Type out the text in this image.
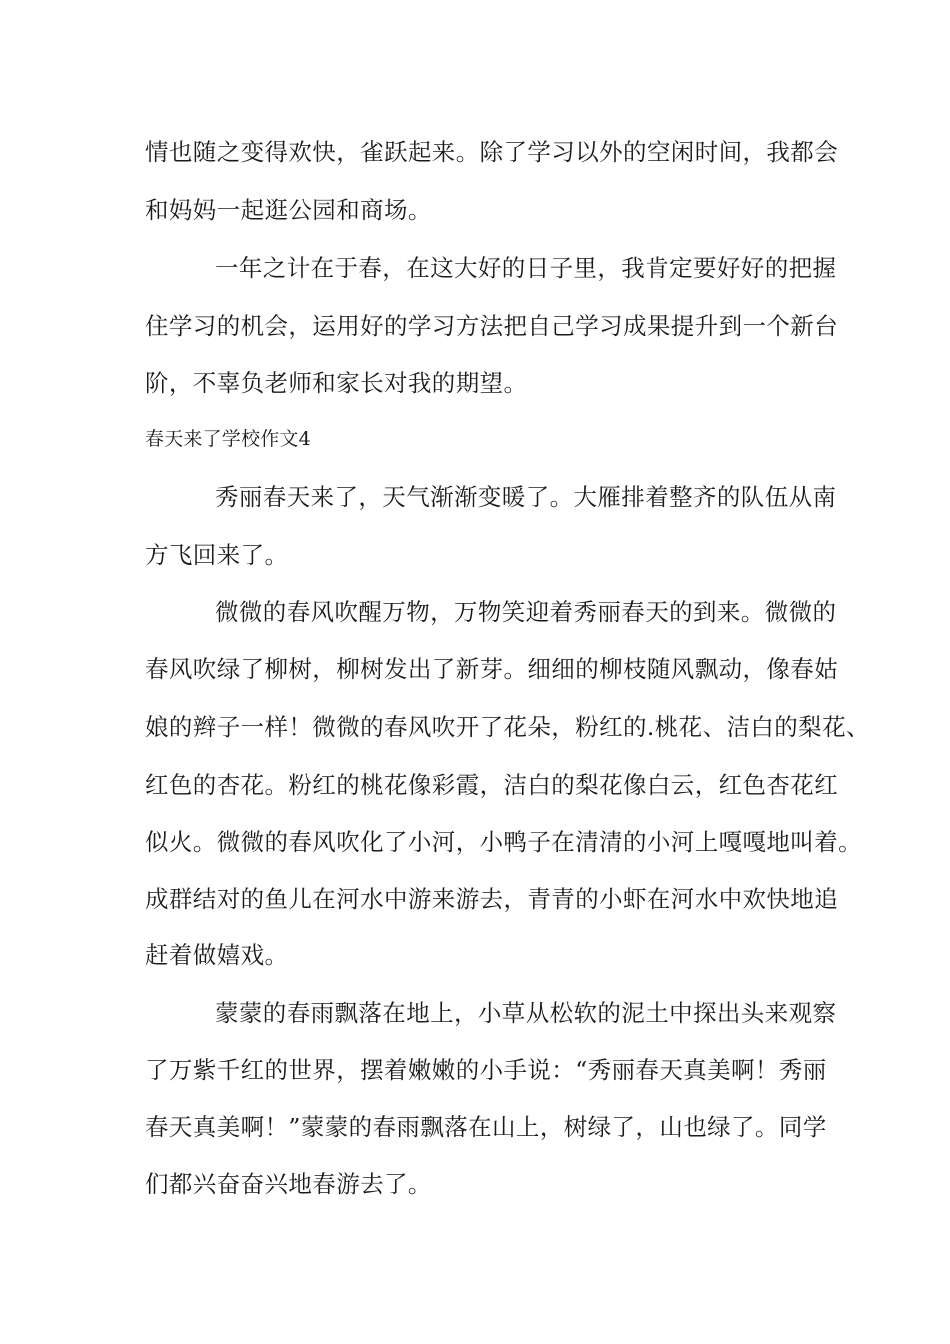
情也随之变得欢快，雀跃起来。除了学习以外的空闲时间，我都会
和妈妈一起逛公园和商场。
一年之计在于春，在这大好的日子里，我肯定要好好的把握
住学习的机会，运用好的学习方法把自己学习成果提升到一个新台
阶，不辜负老师和家长对我的期望。
春天来了学校作文4
秀丽春天来了，天气渐渐变暖了。大雁排着整齐的队伍从南
方飞回来了。
微微的春风吹醒万物，万物笑迎着秀丽春天的到来。微微的
春风吹绿了柳树，柳树发出了新芽。细细的柳枝随风飘动，像春姑
娘的辫子一样！微微的春风吹开了花朵，粉红的.桃花、洁白的梨花、
红色的杏花。粉红的桃花像彩霞，洁白的梨花像白云，红色杏花红
似火。微微的春风吹化了小河，小鸭子在清清的小河上嘎嘎地叫着。
成群结对的鱼儿在河水中游来游去，青青的小虾在河水中欢快地追
赶着做嬉戏。
蒙蒙的春雨飘落在地上，小草从松软的泥土中探出头来观察
了万紫千红的世界，摆着嫩嫩的小手说：“秀丽春天真美啊！秀丽
春天真美啊！”蒙蒙的春雨飘落在山上，树绿了，山也绿了。同学
们都兴奋奋兴地春游去了。
